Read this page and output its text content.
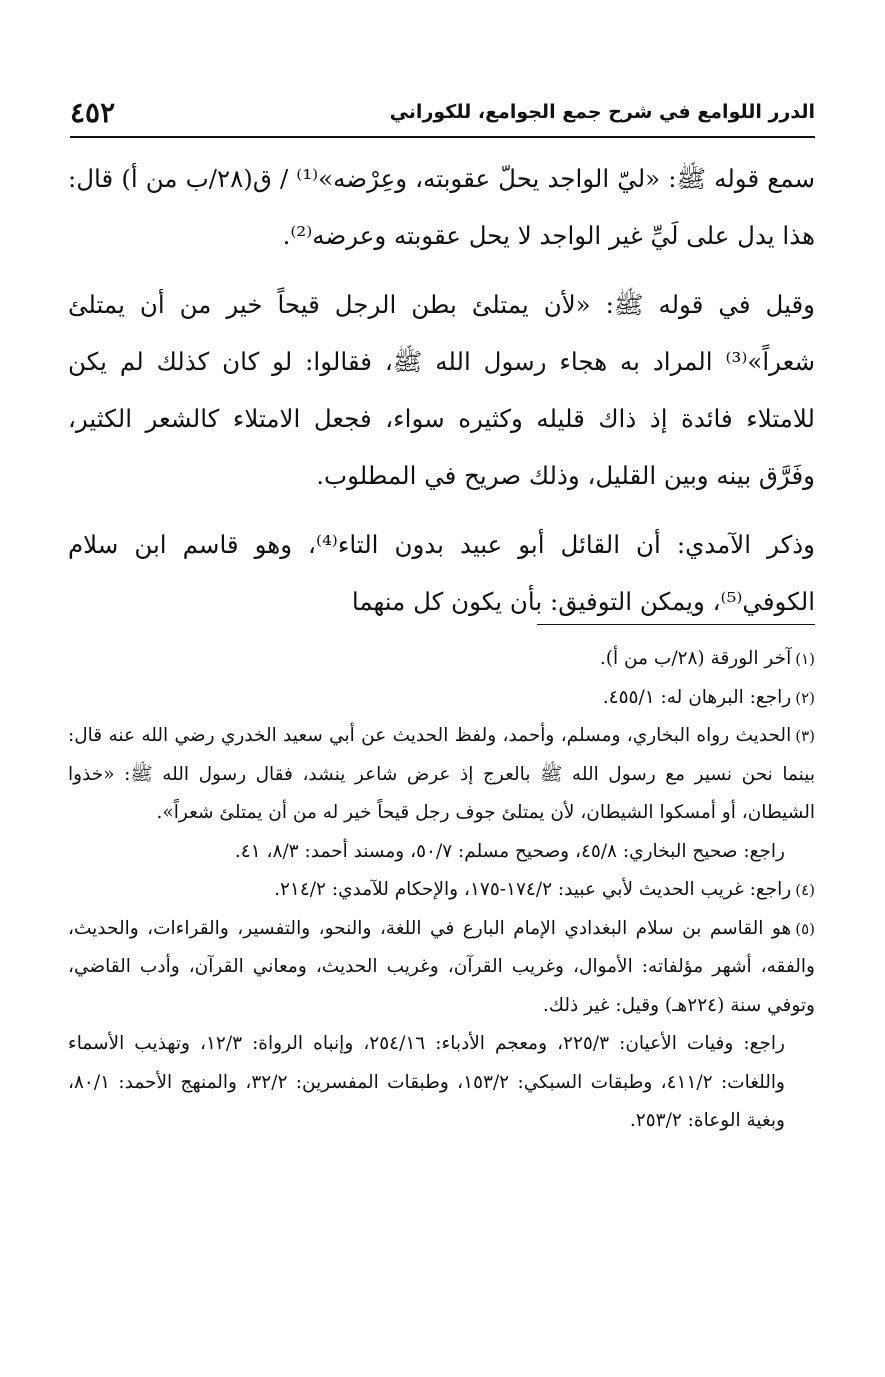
الدرر اللوامع في شرح جمع الجوامع، للكوراني
٤٥٢

سمع قوله ﷺ: «ليّ الواجد يحلّ عقوبته، وعِرْضه»⁽¹⁾ / ق(٢٨/ب من أ) قال: هذا يدل على لَيِّ غير الواجد لا يحل عقوبته وعرضه⁽²⁾.

وقيل في قوله ﷺ: «لأن يمتلئ بطن الرجل قيحاً خير من أن يمتلئ شعراً»⁽³⁾ المراد به هجاء رسول الله ﷺ، فقالوا: لو كان كذلك لم يكن للامتلاء فائدة إذ ذاك قليله وكثيره سواء، فجعل الامتلاء كالشعر الكثير، وفَرَّق بينه وبين القليل، وذلك صريح في المطلوب.

وذكر الآمدي: أن القائل أبو عبيد بدون التاء⁽⁴⁾، وهو قاسم ابن سلام الكوفي⁽⁵⁾، ويمكن التوفيق: بأن يكون كل منهما

(١)آخر الورقة (٢٨/ب من أ).

(٢)راجع: البرهان له: ٤٥٥/١.

(٣)الحديث رواه البخاري، ومسلم، وأحمد، ولفظ الحديث عن أبي سعيد الخدري رضي الله عنه قال: بينما نحن نسير مع رسول الله ﷺ بالعرج إذ عرض شاعر ينشد، فقال رسول الله ﷺ: «خذوا الشيطان، أو أمسكوا الشيطان، لأن يمتلئ جوف رجل قيحاً خير له من أن يمتلئ شعراً».

راجع: صحيح البخاري: ٤٥/٨، وصحيح مسلم: ٥٠/٧، ومسند أحمد: ٨/٣، ٤١.

(٤)راجع: غريب الحديث لأبي عبيد: ١٧٤/٢-١٧٥، والإحكام للآمدي: ٢١٤/٢.

(٥)هو القاسم بن سلام البغدادي الإمام البارع في اللغة، والنحو، والتفسير، والقراءات، والحديث، والفقه، أشهر مؤلفاته: الأموال، وغريب القرآن، وغريب الحديث، ومعاني القرآن، وأدب القاضي، وتوفي سنة (٢٢٤هـ) وقيل: غير ذلك.

راجع: وفيات الأعيان: ٢٢٥/٣، ومعجم الأدباء: ٢٥٤/١٦، وإنباه الرواة: ١٢/٣، وتهذيب الأسماء واللغات: ٤١١/٢، وطبقات السبكي: ١٥٣/٢، وطبقات المفسرين: ٣٢/٢، والمنهج الأحمد: ٨٠/١، وبغية الوعاة: ٢٥٣/٢.
